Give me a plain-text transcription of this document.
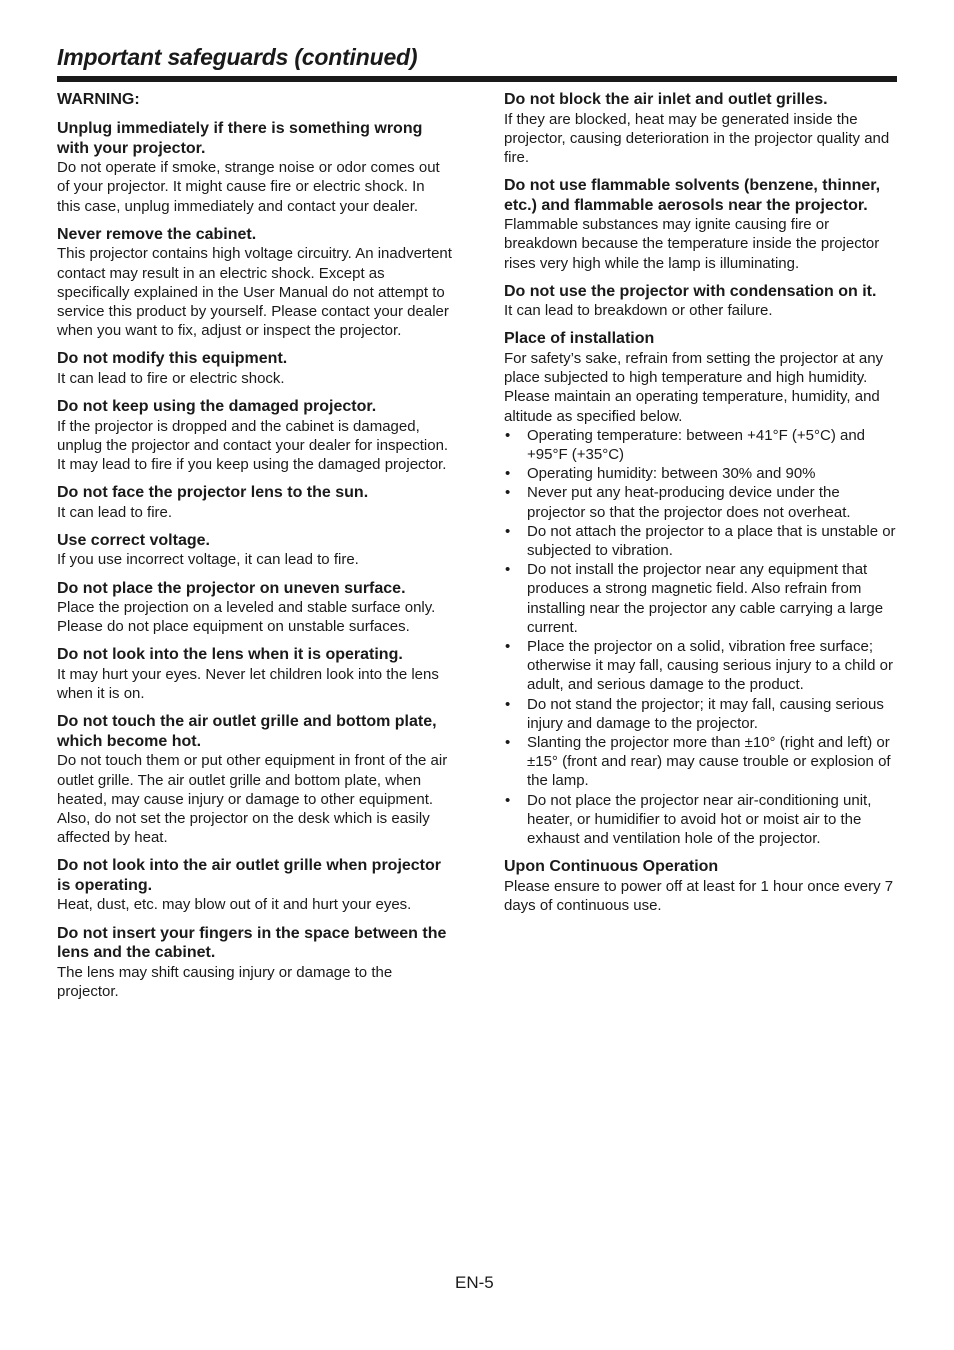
Important safeguards (continued)
WARNING:
Unplug immediately if there is something wrong with your projector.
Do not operate if smoke, strange noise or odor comes out of your projector. It might cause fire or electric shock. In this case, unplug immediately and contact your dealer.
Never remove the cabinet.
This projector contains high voltage circuitry. An inadvertent contact may result in an electric shock. Except as specifically explained in the User Manual do not attempt to service this product by yourself. Please contact your dealer when you want to fix, adjust or inspect the projector.
Do not modify this equipment.
It can lead to fire or electric shock.
Do not keep using the damaged projector.
If the projector is dropped and the cabinet is damaged, unplug the projector and contact your dealer for inspection. It may lead to fire if you keep using the damaged projector.
Do not face the projector lens to the sun.
It can lead to fire.
Use correct voltage.
If you use incorrect voltage, it can lead to fire.
Do not place the projector on uneven surface.
Place the projection on a leveled and stable surface only. Please do not place equipment on unstable surfaces.
Do not look into the lens when it is operating.
It may hurt your eyes. Never let children look into the lens when it is on.
Do not touch the air outlet grille and bottom plate, which become hot.
Do not touch them or put other equipment in front of the air outlet grille. The air outlet grille and bottom plate, when heated, may cause injury or damage to other equipment. Also, do not set the projector on the desk which is easily affected by heat.
Do not look into the air outlet grille when projector is operating.
Heat, dust, etc. may blow out of it and hurt your eyes.
Do not insert your fingers in the space between the lens and the cabinet.
The lens may shift causing injury or damage to the projector.
Do not block the air inlet and outlet grilles.
If they are blocked, heat may be generated inside the projector, causing deterioration in the projector quality and fire.
Do not use flammable solvents (benzene, thinner, etc.) and flammable aerosols near the projector.
Flammable substances may ignite causing fire or breakdown because the temperature inside the projector rises very high while the lamp is illuminating.
Do not use the projector with condensation on it.
It can lead to breakdown or other failure.
Place of installation
For safety’s sake, refrain from setting the projector at any place subjected to high temperature and high humidity. Please maintain an operating temperature, humidity, and altitude as specified below.
• Operating temperature: between +41°F (+5°C) and +95°F (+35°C)
• Operating humidity: between 30% and 90%
• Never put any heat-producing device under the projector so that the projector does not overheat.
• Do not attach the projector to a place that is unstable or subjected to vibration.
• Do not install the projector near any equipment that produces a strong magnetic field. Also refrain from installing near the projector any cable carrying a large current.
• Place the projector on a solid, vibration free surface; otherwise it may fall, causing serious injury to a child or adult, and serious damage to the product.
• Do not stand the projector; it may fall, causing serious injury and damage to the projector.
• Slanting the projector more than ±10° (right and left) or ±15° (front and rear) may cause trouble or explosion of the lamp.
• Do not place the projector near air-conditioning unit, heater, or humidifier to avoid hot or moist air to the exhaust and ventilation hole of the projector.
Upon Continuous Operation
Please ensure to power off at least for 1 hour once every 7 days of continuous use.
EN-5
